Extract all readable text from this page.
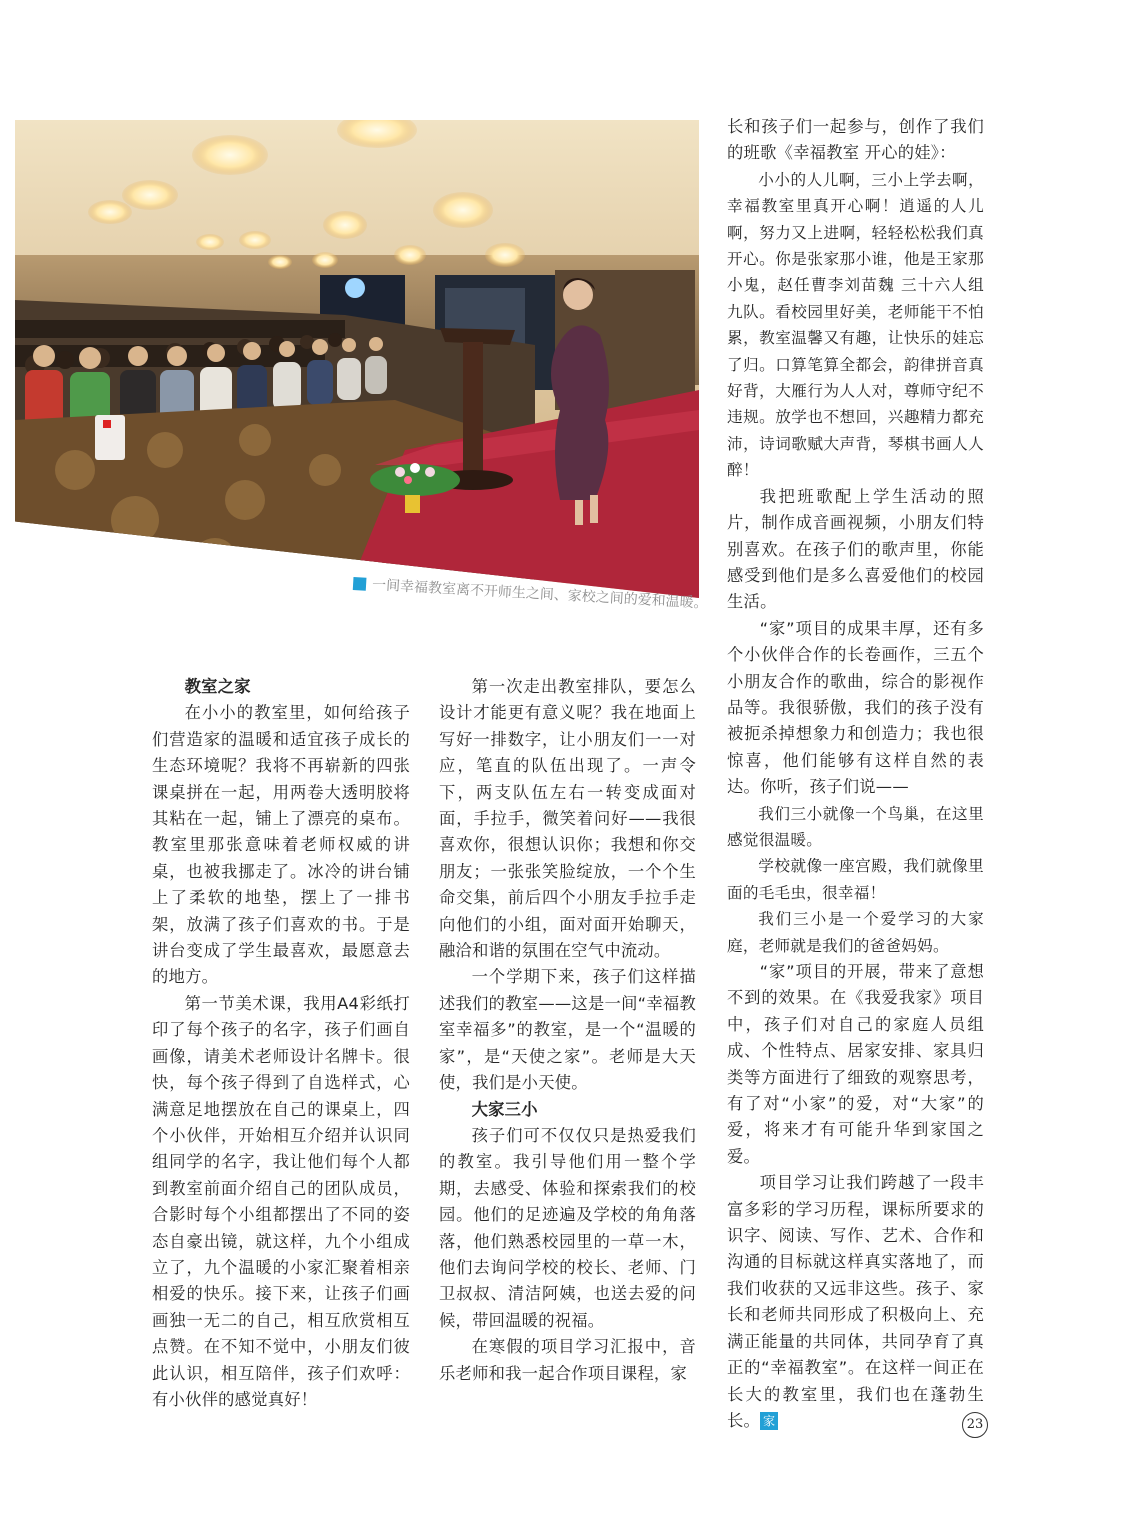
一间幸福教室离不开师生之间、家校之间的爱和温暖。
教室之家

在小小的教室里，如何给孩子们营造家的温暖和适宜孩子成长的生态环境呢？我将不再崭新的四张课桌拼在一起，用两卷大透明胶将其粘在一起，铺上了漂亮的桌布。教室里那张意味着老师权威的讲桌，也被我挪走了。冰冷的讲台铺上了柔软的地垫，摆上了一排书架，放满了孩子们喜欢的书。于是讲台变成了学生最喜欢，最愿意去的地方。

第一节美术课，我用A4彩纸打印了每个孩子的名字，孩子们画自画像，请美术老师设计名牌卡。很快，每个孩子得到了自选样式，心满意足地摆放在自己的课桌上，四个小伙伴，开始相互介绍并认识同组同学的名字，我让他们每个人都到教室前面介绍自己的团队成员，合影时每个小组都摆出了不同的姿态自豪出镜，就这样，九个小组成立了，九个温暖的小家汇聚着相亲相爱的快乐。接下来，让孩子们画画独一无二的自己，相互欣赏相互点赞。在不知不觉中，小朋友们彼此认识，相互陪伴，孩子们欢呼：有小伙伴的感觉真好！

第一次走出教室排队，要怎么设计才能更有意义呢？我在地面上写好一排数字，让小朋友们一一对应，笔直的队伍出现了。一声令下，两支队伍左右一转变成面对面，手拉手，微笑着问好——我很喜欢你，很想认识你；我想和你交朋友；一张张笑脸绽放，一个个生命交集，前后四个小朋友手拉手走向他们的小组，面对面开始聊天，融洽和谐的氛围在空气中流动。

一个学期下来，孩子们这样描述我们的教室——这是一间“幸福教室幸福多”的教室，是一个“温暖的家”，是“天使之家”。老师是大天使，我们是小天使。

大家三小

孩子们可不仅仅只是热爱我们的教室。我引导他们用一整个学期，去感受、体验和探索我们的校园。他们的足迹遍及学校的角角落落，他们熟悉校园里的一草一木，他们去询问学校的校长、老师、门卫叔叔、清洁阿姨，也送去爱的问候，带回温暖的祝福。

在寒假的项目学习汇报中，音乐老师和我一起合作项目课程，家

长和孩子们一起参与，创作了我们的班歌《幸福教室 开心的娃》：

小小的人儿啊，三小上学去啊，幸福教室里真开心啊！逍遥的人儿啊，努力又上进啊，轻轻松松我们真开心。你是张家那小谁，他是王家那小鬼，赵任曹李刘苗魏 三十六人组九队。看校园里好美，老师能干不怕累，教室温馨又有趣，让快乐的娃忘了归。口算笔算全都会，韵律拼音真好背，大雁行为人人对，尊师守纪不违规。放学也不想回，兴趣精力都充沛，诗词歌赋大声背，琴棋书画人人醉！

我把班歌配上学生活动的照片，制作成音画视频，小朋友们特别喜欢。在孩子们的歌声里，你能感受到他们是多么喜爱他们的校园生活。

“家”项目的成果丰厚，还有多个小伙伴合作的长卷画作，三五个小朋友合作的歌曲，综合的影视作品等。我很骄傲，我们的孩子没有被扼杀掉想象力和创造力；我也很惊喜，他们能够有这样自然的表达。你听，孩子们说——

我们三小就像一个鸟巢，在这里感觉很温暖。

学校就像一座宫殿，我们就像里面的毛毛虫，很幸福！

我们三小是一个爱学习的大家庭，老师就是我们的爸爸妈妈。

“家”项目的开展，带来了意想不到的效果。在《我爱我家》项目中，孩子们对自己的家庭人员组成、个性特点、居家安排、家具归类等方面进行了细致的观察思考，有了对“小家”的爱，对“大家”的爱，将来才有可能升华到家国之爱。

项目学习让我们跨越了一段丰富多彩的学习历程，课标所要求的识字、阅读、写作、艺术、合作和沟通的目标就这样真实落地了，而我们收获的又远非这些。孩子、家长和老师共同形成了积极向上、充满正能量的共同体，共同孕育了真正的“幸福教室”。在这样一间正在长大的教室里，我们也在蓬勃生长。 家	23
